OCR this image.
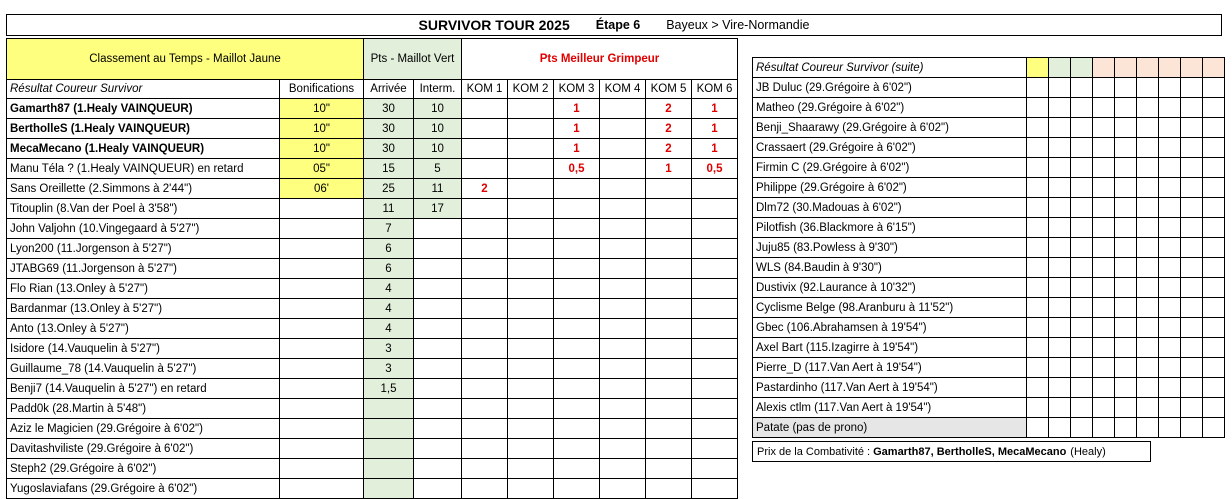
SURVIVOR TOUR 2025 Étape 6 Bayeux > Vire-Normandie
Classement au Temps - Maillot Jaune		Pts - Maillot Vert		Pts Meilleur Grimpeur					
Résultat Coureur Survivor	Bonifications	Arrivée	Interm.	KOM 1	KOM 2	KOM 3	KOM 4	KOM 5	KOM 6
Gamarth87 (1.Healy VAINQUEUR)	10"	30	10			1		2	1
BertholleS (1.Healy VAINQUEUR)	10"	30	10			1		2	1
MecaMecano (1.Healy VAINQUEUR)	10"	30	10			1		2	1
Manu Téla ? (1.Healy VAINQUEUR) en retard	05"	15	5			0,5		1	0,5
Sans Oreillette (2.Simmons à 2'44")	06'	25	11	2					
Titouplin (8.Van der Poel à 3'58")		11	17						
John Valjohn (10.Vingegaard à 5'27")		7							
Lyon200 (11.Jorgenson à 5'27")		6							
JTABG69 (11.Jorgenson à 5'27")		6							
Flo Rian (13.Onley à 5'27")		4							
Bardanmar (13.Onley à 5'27")		4							
Anto (13.Onley à 5'27")		4							
Isidore (14.Vauquelin à 5'27")		3							
Guillaume_78 (14.Vauquelin à 5'27")		3							
Benji7 (14.Vauquelin à 5'27") en retard		1,5							
Padd0k (28.Martin à 5'48")									
Aziz le Magicien (29.Grégoire à 6'02")									
Davitashviliste (29.Grégoire à 6'02")									
Steph2 (29.Grégoire à 6'02")									
Yugoslaviafans (29.Grégoire à 6'02")									
Résultat Coureur Survivor (suite)									
JB Duluc (29.Grégoire à 6'02")									
Matheo (29.Grégoire à 6'02")									
Benji_Shaarawy (29.Grégoire à 6'02")									
Crassaert (29.Grégoire à 6'02")									
Firmin C (29.Grégoire à 6'02")									
Philippe (29.Grégoire à 6'02")									
Dlm72 (30.Madouas à 6'02")									
Pilotfish (36.Blackmore à 6'15")									
Juju85 (83.Powless à 9'30")									
WLS (84.Baudin à 9'30")									
Dustivix (92.Laurance à 10'32")									
Cyclisme Belge (98.Aranburu à 11'52")									
Gbec (106.Abrahamsen à 19'54")									
Axel Bart (115.Izagirre à 19'54")									
Pierre_D (117.Van Aert à 19'54")									
Pastardinho (117.Van Aert à 19'54")									
Alexis ctlm (117.Van Aert à 19'54")									
Patate (pas de prono)									
Prix de la Combativité : Gamarth87, BertholleS, MecaMecano (Healy)
